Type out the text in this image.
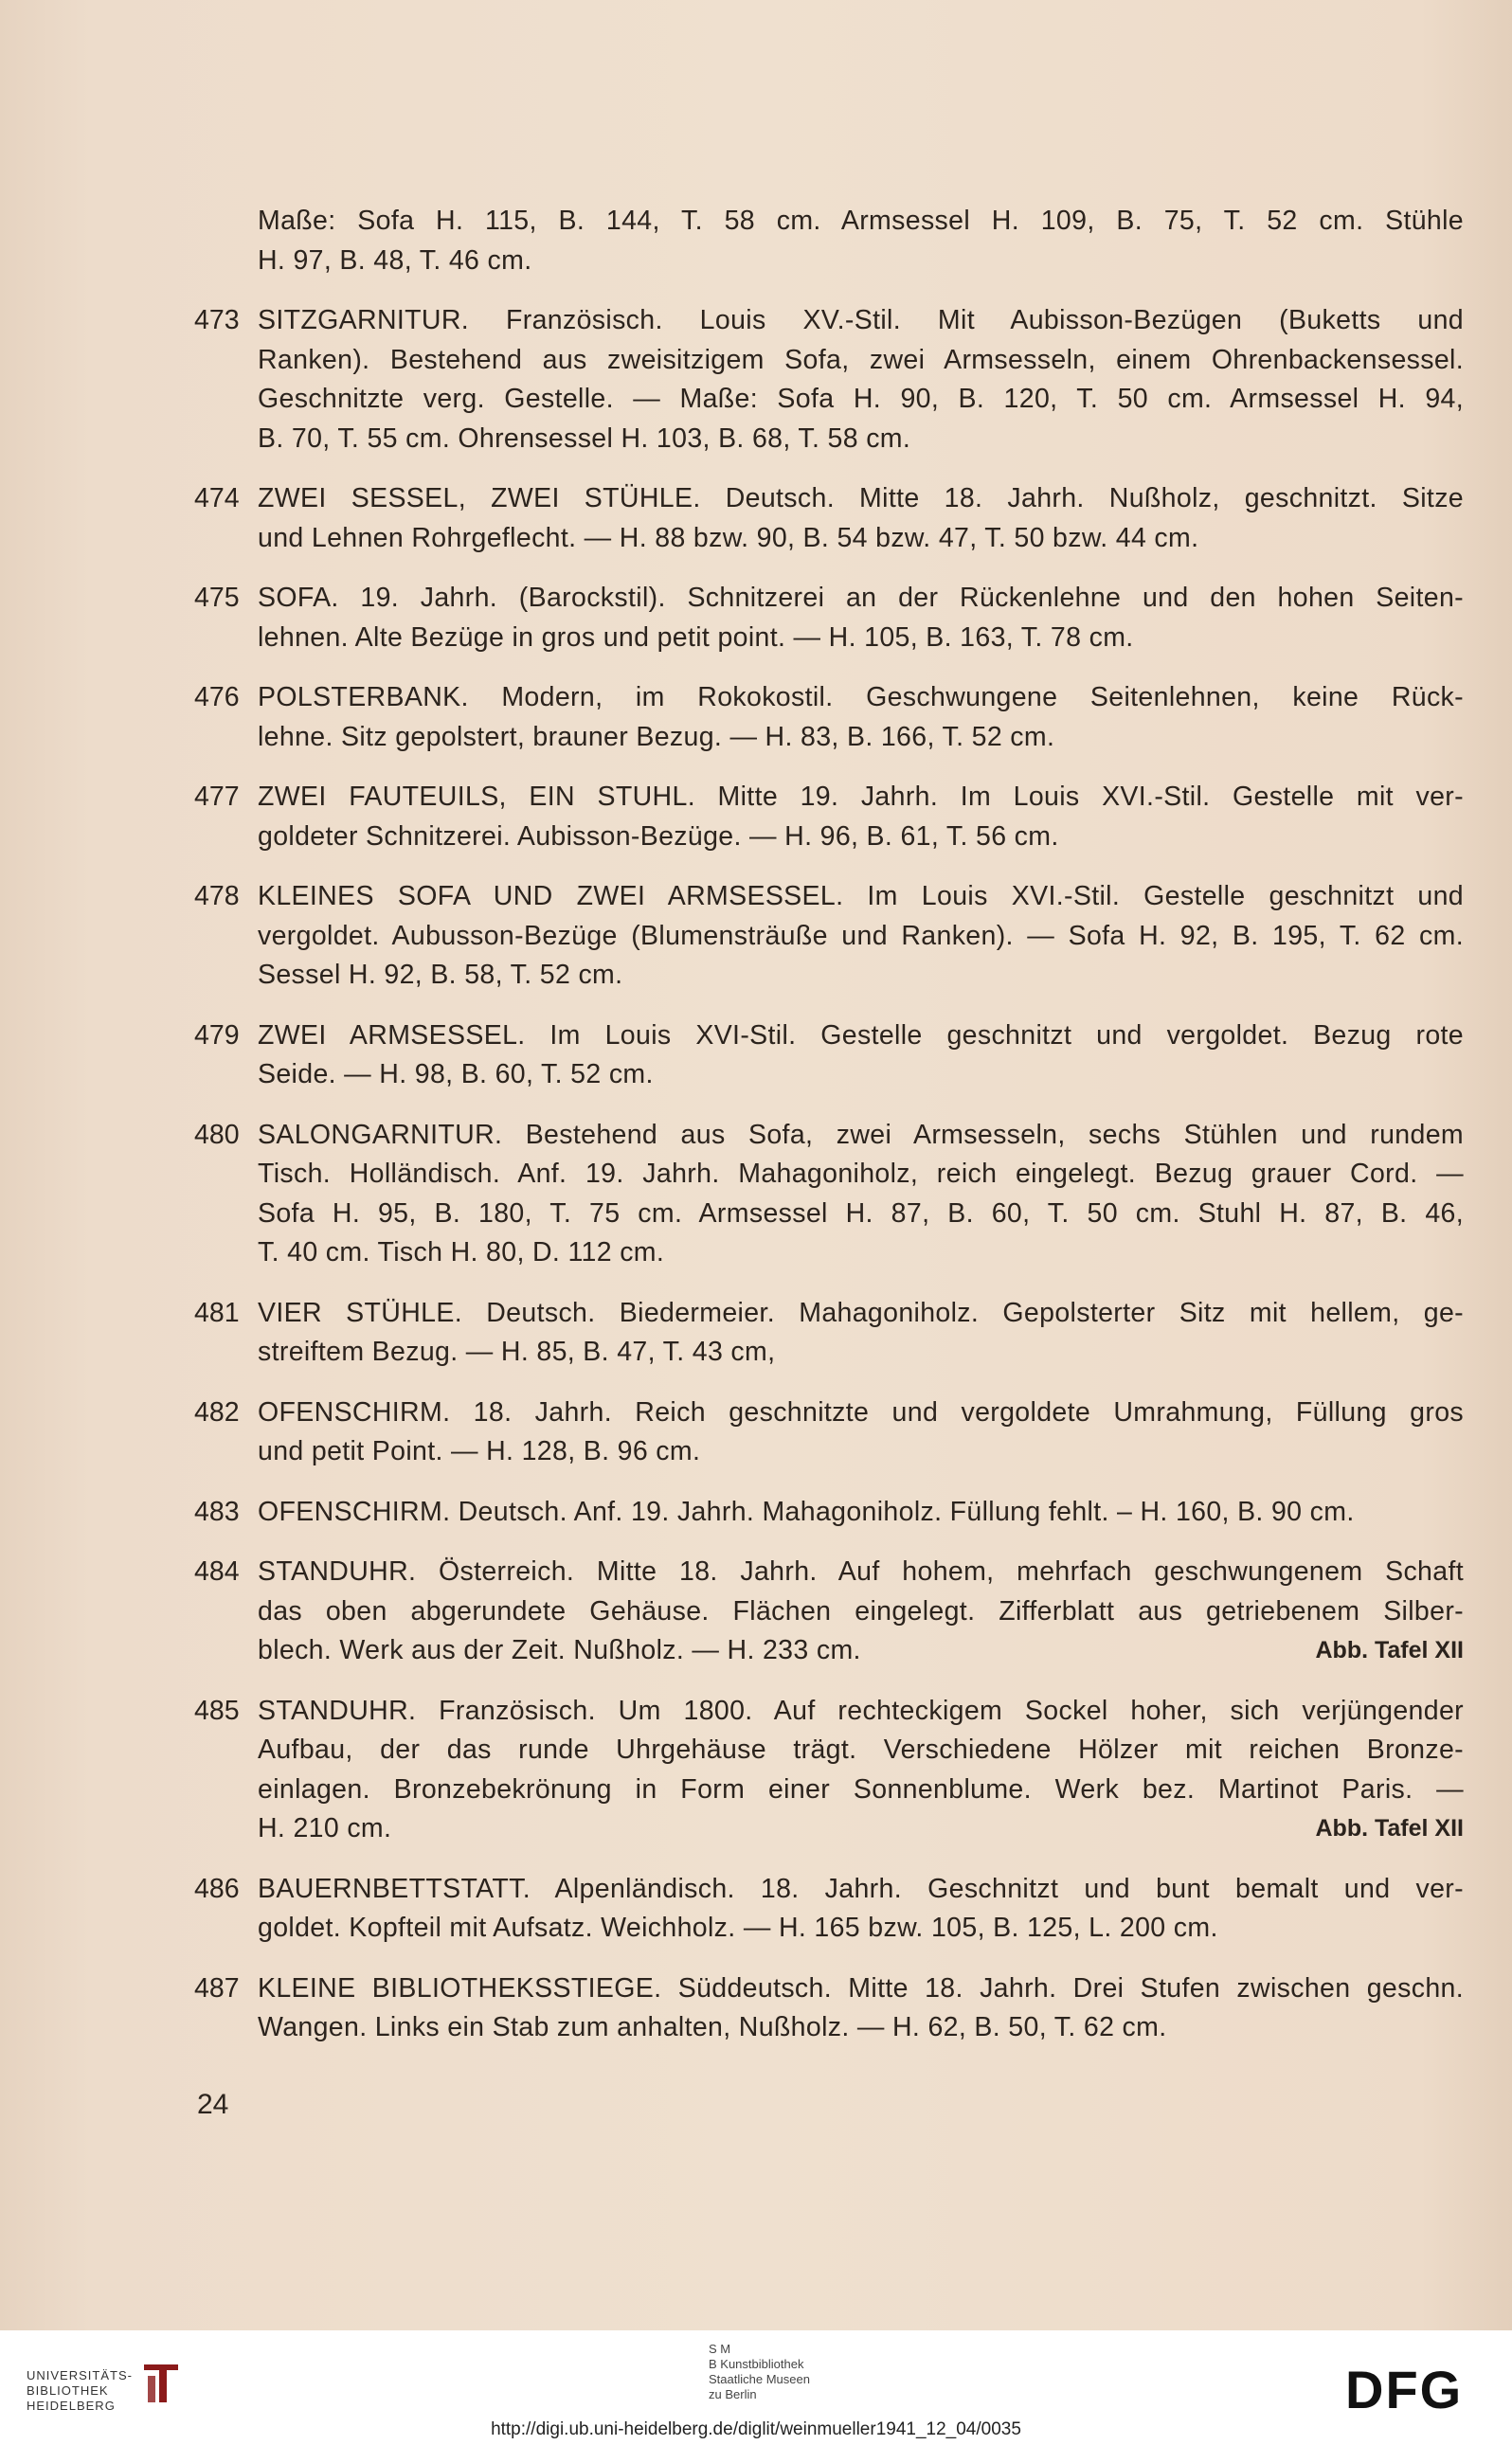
Maße: Sofa H. 115, B. 144, T. 58 cm. Armsessel H. 109, B. 75, T. 52 cm. Stühle
H. 97, B. 48, T. 46 cm.
473 SITZGARNITUR. Französisch. Louis XV.-Stil. Mit Aubisson-Bezügen (Buketts und
Ranken). Bestehend aus zweisitzigem Sofa, zwei Armsesseln, einem Ohrenbackensessel.
Geschnitzte verg. Gestelle. — Maße: Sofa H. 90, B. 120, T. 50 cm. Armsessel H. 94,
B. 70, T. 55 cm. Ohrensessel H. 103, B. 68, T. 58 cm.
474 ZWEI SESSEL, ZWEI STÜHLE. Deutsch. Mitte 18. Jahrh. Nußholz, geschnitzt. Sitze
und Lehnen Rohrgeflecht. — H. 88 bzw. 90, B. 54 bzw. 47, T. 50 bzw. 44 cm.
475 SOFA. 19. Jahrh. (Barockstil). Schnitzerei an der Rückenlehne und den hohen Seiten-
lehnen. Alte Bezüge in gros und petit point. — H. 105, B. 163, T. 78 cm.
476 POLSTERBANK. Modern, im Rokokostil. Geschwungene Seitenlehnen, keine Rück-
lehne. Sitz gepolstert, brauner Bezug. — H. 83, B. 166, T. 52 cm.
477 ZWEI FAUTEUILS, EIN STUHL. Mitte 19. Jahrh. Im Louis XVI.-Stil. Gestelle mit ver-
goldeter Schnitzerei. Aubisson-Bezüge. — H. 96, B. 61, T. 56 cm.
478 KLEINES SOFA UND ZWEI ARMSESSEL. Im Louis XVI.-Stil. Gestelle geschnitzt und
vergoldet. Aubusson-Bezüge (Blumensträuße und Ranken). — Sofa H. 92, B. 195, T. 62 cm.
Sessel H. 92, B. 58, T. 52 cm.
479 ZWEI ARMSESSEL. Im Louis XVI-Stil. Gestelle geschnitzt und vergoldet. Bezug rote
Seide. — H. 98, B. 60, T. 52 cm.
480 SALONGARNITUR. Bestehend aus Sofa, zwei Armsesseln, sechs Stühlen und rundem
Tisch. Holländisch. Anf. 19. Jahrh. Mahagoniholz, reich eingelegt. Bezug grauer Cord. —
Sofa H. 95, B. 180, T. 75 cm. Armsessel H. 87, B. 60, T. 50 cm. Stuhl H. 87, B. 46,
T. 40 cm. Tisch H. 80, D. 112 cm.
481 VIER STÜHLE. Deutsch. Biedermeier. Mahagoniholz. Gepolsterter Sitz mit hellem, ge-
streiftem Bezug. — H. 85, B. 47, T. 43 cm,
482 OFENSCHIRM. 18. Jahrh. Reich geschnitzte und vergoldete Umrahmung, Füllung gros
und petit Point. — H. 128, B. 96 cm.
483 OFENSCHIRM. Deutsch. Anf. 19. Jahrh. Mahagoniholz. Füllung fehlt. – H. 160, B. 90 cm.
484 STANDUHR. Österreich. Mitte 18. Jahrh. Auf hohem, mehrfach geschwungenem Schaft
das oben abgerundete Gehäuse. Flächen eingelegt. Zifferblatt aus getriebenem Silber-
Abb. Tafel XII
blech. Werk aus der Zeit. Nußholz. — H. 233 cm.
485 STANDUHR. Französisch. Um 1800. Auf rechteckigem Sockel hoher, sich verjüngender
Aufbau, der das runde Uhrgehäuse trägt. Verschiedene Hölzer mit reichen Bronze-
einlagen. Bronzebekrönung in Form einer Sonnenblume. Werk bez. Martinot Paris. —
Abb. Tafel XII
H. 210 cm.
486 BAUERNBETTSTATT. Alpenländisch. 18. Jahrh. Geschnitzt und bunt bemalt und ver-
goldet. Kopfteil mit Aufsatz. Weichholz. — H. 165 bzw. 105, B. 125, L. 200 cm.
487 KLEINE BIBLIOTHEKSSTIEGE. Süddeutsch. Mitte 18. Jahrh. Drei Stufen zwischen geschn.
Wangen. Links ein Stab zum anhalten, Nußholz. — H. 62, B. 50, T. 62 cm.
24
UNIVERSITÄTS-
BIBLIOTHEK
HEIDELBERG
S M
B Kunstbibliothek
Staatliche Museen
zu Berlin	DFG
http://digi.ub.uni-heidelberg.de/diglit/weinmueller1941_12_04/0035
